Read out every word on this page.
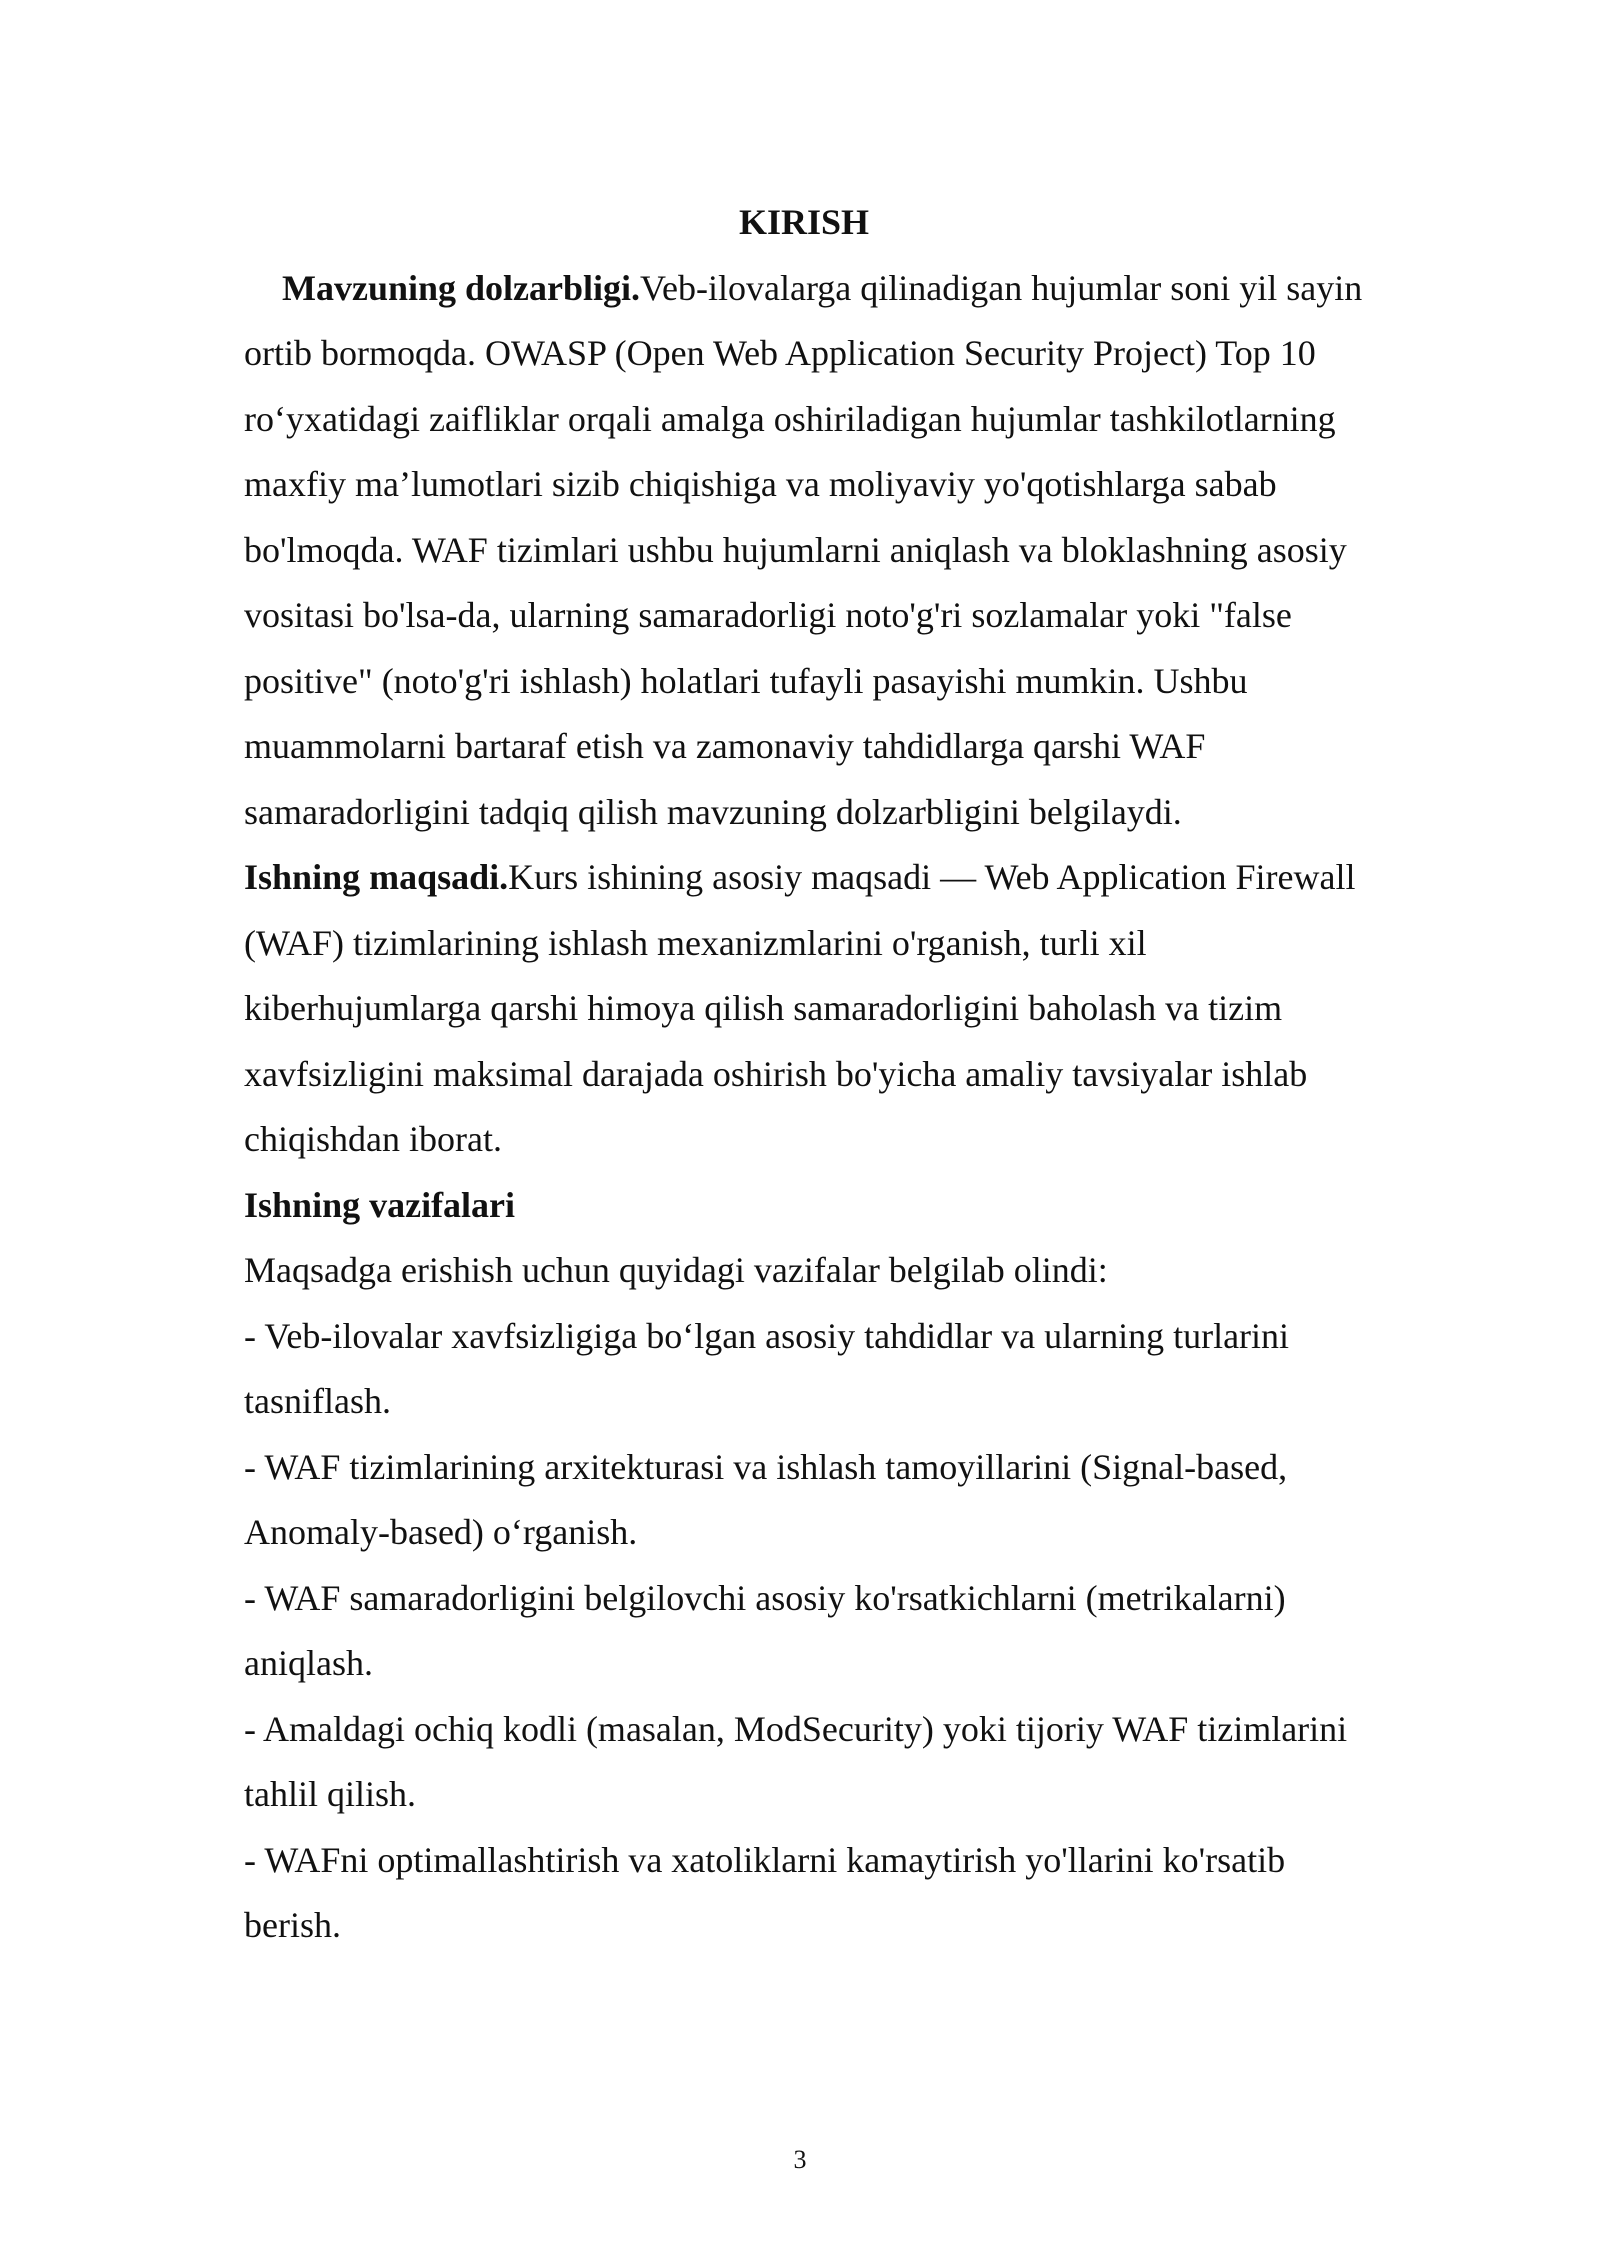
KIRISH

Mavzuning dolzarbligi.Veb-ilovalarga qilinadigan hujumlar soni yil sayin ortib bormoqda. OWASP (Open Web Application Security Project) Top 10 ro‘yxatidagi zaifliklar orqali amalga oshiriladigan hujumlar tashkilotlarning maxfiy ma’lumotlari sizib chiqishiga va moliyaviy yo'qotishlarga sabab bo'lmoqda. WAF tizimlari ushbu hujumlarni aniqlash va bloklashning asosiy vositasi bo'lsa-da, ularning samaradorligi noto'g'ri sozlamalar yoki "false positive" (noto'g'ri ishlash) holatlari tufayli pasayishi mumkin. Ushbu muammolarni bartaraf etish va zamonaviy tahdidlarga qarshi WAF samaradorligini tadqiq qilish mavzuning dolzarbligini belgilaydi.

Ishning maqsadi.Kurs ishining asosiy maqsadi — Web Application Firewall (WAF) tizimlarining ishlash mexanizmlarini o'rganish, turli xil kiberhujumlarga qarshi himoya qilish samaradorligini baholash va tizim xavfsizligini maksimal darajada oshirish bo'yicha amaliy tavsiyalar ishlab chiqishdan iborat.

Ishning vazifalari

Maqsadga erishish uchun quyidagi vazifalar belgilab olindi:

- Veb-ilovalar xavfsizligiga bo‘lgan asosiy tahdidlar va ularning turlarini tasniflash.

- WAF tizimlarining arxitekturasi va ishlash tamoyillarini (Signal-based, Anomaly-based) o‘rganish.

- WAF samaradorligini belgilovchi asosiy ko'rsatkichlarni (metrikalarni) aniqlash.

- Amaldagi ochiq kodli (masalan, ModSecurity) yoki tijoriy WAF tizimlarini tahlil qilish.

- WAFni optimallashtirish va xatoliklarni kamaytirish yo'llarini ko'rsatib berish.

3
